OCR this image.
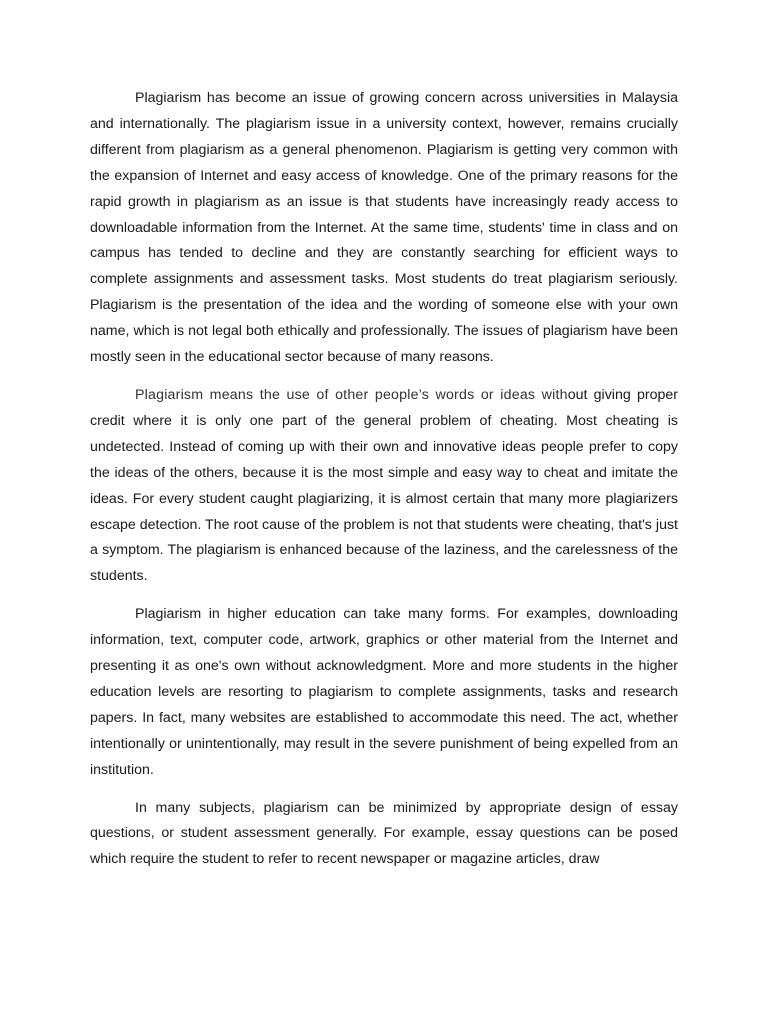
Plagiarism has become an issue of growing concern across universities in Malaysia and internationally. The plagiarism issue in a university context, however, remains crucially different from plagiarism as a general phenomenon. Plagiarism is getting very common with the expansion of Internet and easy access of knowledge. One of the primary reasons for the rapid growth in plagiarism as an issue is that students have increasingly ready access to downloadable information from the Internet. At the same time, students' time in class and on campus has tended to decline and they are constantly searching for efficient ways to complete assignments and assessment tasks. Most students do treat plagiarism seriously. Plagiarism is the presentation of the idea and the wording of someone else with your own name, which is not legal both ethically and professionally. The issues of plagiarism have been mostly seen in the educational sector because of many reasons.

Plagiarism means the use of other people’s words or ideas without giving proper credit where it is only one part of the general problem of cheating. Most cheating is undetected. Instead of coming up with their own and innovative ideas people prefer to copy the ideas of the others, because it is the most simple and easy way to cheat and imitate the ideas. For every student caught plagiarizing, it is almost certain that many more plagiarizers escape detection. The root cause of the problem is not that students were cheating, that's just a symptom. The plagiarism is enhanced because of the laziness, and the carelessness of the students.

Plagiarism in higher education can take many forms. For examples, downloading information, text, computer code, artwork, graphics or other material from the Internet and presenting it as one's own without acknowledgment. More and more students in the higher education levels are resorting to plagiarism to complete assignments, tasks and research papers. In fact, many websites are established to accommodate this need. The act, whether intentionally or unintentionally, may result in the severe punishment of being expelled from an institution.

In many subjects, plagiarism can be minimized by appropriate design of essay questions, or student assessment generally. For example, essay questions can be posed which require the student to refer to recent newspaper or magazine articles, draw
